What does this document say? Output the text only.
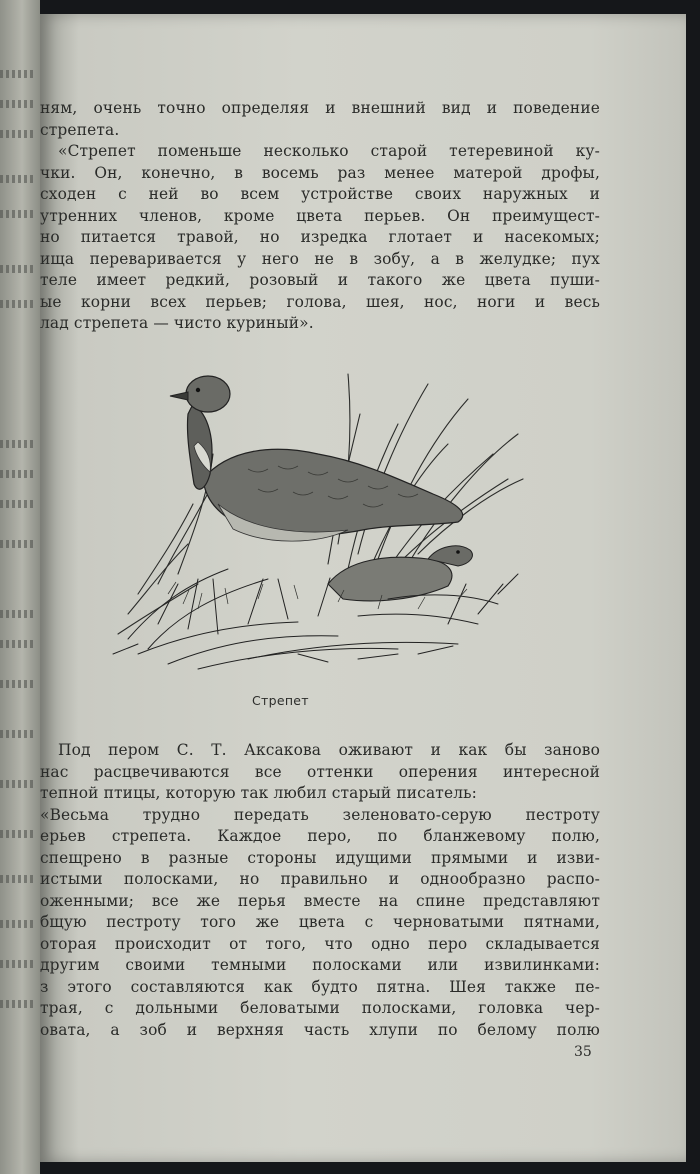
ням, очень точно определяя и внешний вид и поведение
стрепета.
«Стрепет поменьше несколько старой тетеревиной ку-
чки. Он, конечно, в восемь раз менее матерой дрофы,
сходен с ней во всем устройстве своих наружных и
утренних членов, кроме цвета перьев. Он преимущест-
но питается травой, но изредка глотает и насекомых;
ища переваривается у него не в зобу, а в желудке; пух
теле имеет редкий, розовый и такого же цвета пуши-
ые корни всех перьев; голова, шея, нос, ноги и весь
лад стрепета — чисто куриный».
Стрепет
Под пером С. Т. Аксакова оживают и как бы заново
нас расцвечиваются все оттенки оперения интересной
тепной птицы, которую так любил старый писатель:
«Весьма трудно передать зеленовато-серую пестроту
ерьев стрепета. Каждое перо, по бланжевому полю,
спещрено в разные стороны идущими прямыми и изви-
истыми полосками, но правильно и однообразно распо-
оженными; все же перья вместе на спине представляют
бщую пестроту того же цвета с черноватыми пятнами,
оторая происходит от того, что одно перо складывается
другим своими темными полосками или извилинками:
з этого составляются как будто пятна. Шея также пе-
трая, с дольными беловатыми полосками, головка чер-
овата, а зоб и верхняя часть хлупи по белому полю
35
